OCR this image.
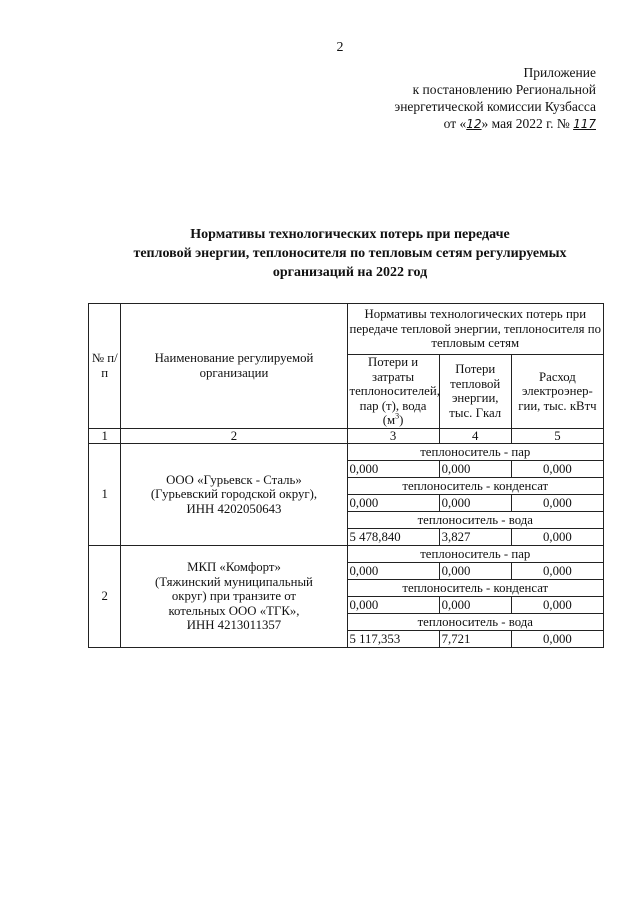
2
Приложение
к постановлению Региональной
энергетической комиссии Кузбасса
от «12» мая 2022 г. № 117
Нормативы технологических потерь при передаче
тепловой энергии, теплоносителя по тепловым сетям регулируемых
организаций на 2022 год
№ п/п	Наименование регулируемой организации	Нормативы технологических потерь при передаче тепловой энергии, теплоносителя по тепловым сетям		
		Потери и затраты теплоносителей, пар (т), вода $(м^3)$	Потери тепловой энергии, тыс. Гкал	Расход электроэнер-гии, тыс. кВтч
1	2	3	4	5
1	ООО «Гурьевск - Сталь»
(Гурьевский городской округ),
ИНН 4202050643	теплоноситель - пар		
		0,000	0,000	0,000
		теплоноситель - конденсат		
		0,000	0,000	0,000
		теплоноситель - вода		
		5 478,840	3,827	0,000
2	МКП «Комфорт»
(Тяжинский муниципальный
округ) при транзите от
котельных ООО «ТГК»,
ИНН 4213011357	теплоноситель - пар		
		0,000	0,000	0,000
		теплоноситель - конденсат		
		0,000	0,000	0,000
		теплоноситель - вода		
		5 117,353	7,721	0,000
